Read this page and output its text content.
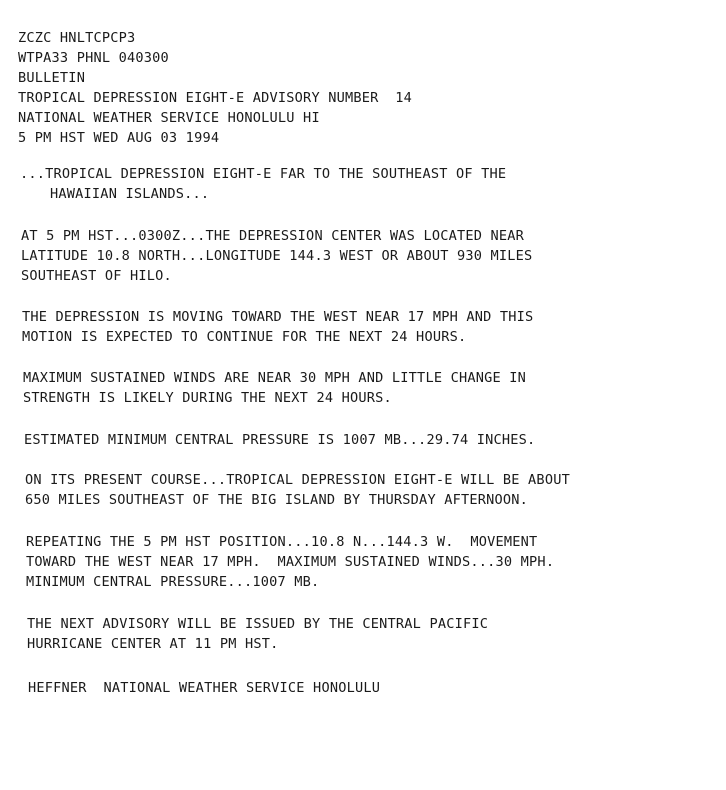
ZCZC HNLTCPCP3
WTPA33 PHNL 040300
BULLETIN
TROPICAL DEPRESSION EIGHT-E ADVISORY NUMBER  14
NATIONAL WEATHER SERVICE HONOLULU HI
5 PM HST WED AUG 03 1994
...TROPICAL DEPRESSION EIGHT-E FAR TO THE SOUTHEAST OF THE
HAWAIIAN ISLANDS...
AT 5 PM HST...0300Z...THE DEPRESSION CENTER WAS LOCATED NEAR
LATITUDE 10.8 NORTH...LONGITUDE 144.3 WEST OR ABOUT 930 MILES
SOUTHEAST OF HILO.
THE DEPRESSION IS MOVING TOWARD THE WEST NEAR 17 MPH AND THIS
MOTION IS EXPECTED TO CONTINUE FOR THE NEXT 24 HOURS.
MAXIMUM SUSTAINED WINDS ARE NEAR 30 MPH AND LITTLE CHANGE IN
STRENGTH IS LIKELY DURING THE NEXT 24 HOURS.
ESTIMATED MINIMUM CENTRAL PRESSURE IS 1007 MB...29.74 INCHES.
ON ITS PRESENT COURSE...TROPICAL DEPRESSION EIGHT-E WILL BE ABOUT
650 MILES SOUTHEAST OF THE BIG ISLAND BY THURSDAY AFTERNOON.
REPEATING THE 5 PM HST POSITION...10.8 N...144.3 W.  MOVEMENT
TOWARD THE WEST NEAR 17 MPH.  MAXIMUM SUSTAINED WINDS...30 MPH.
MINIMUM CENTRAL PRESSURE...1007 MB.
THE NEXT ADVISORY WILL BE ISSUED BY THE CENTRAL PACIFIC
HURRICANE CENTER AT 11 PM HST.
HEFFNER  NATIONAL WEATHER SERVICE HONOLULU
